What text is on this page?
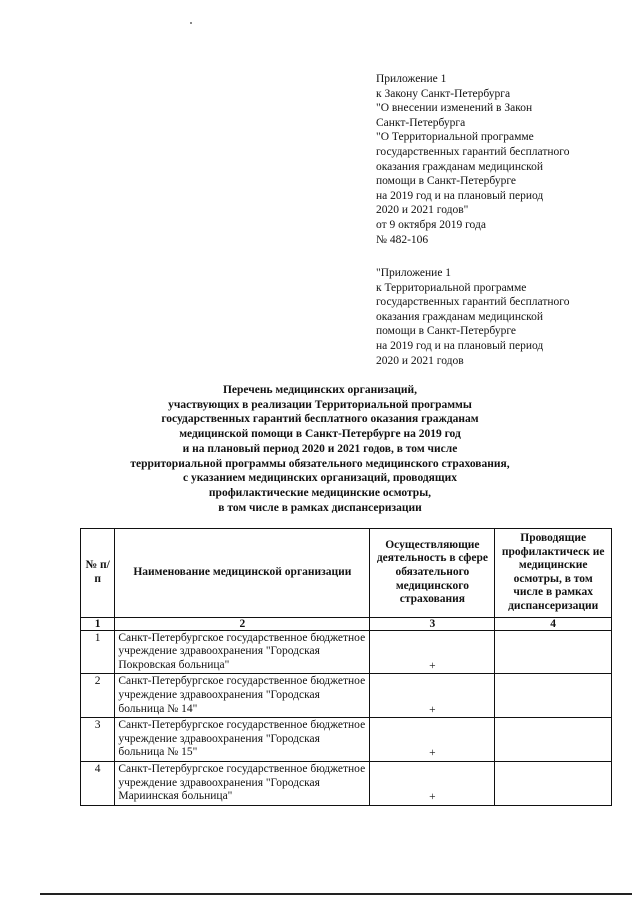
Приложение 1
к Закону Санкт-Петербурга
"О внесении изменений в Закон
Санкт-Петербурга
"О Территориальной программе
государственных гарантий бесплатного
оказания гражданам медицинской
помощи в Санкт-Петербурге
на 2019 год и на плановый период
2020 и 2021 годов"
от 9 октября 2019 года
№ 482-106
"Приложение 1
к Территориальной программе
государственных гарантий бесплатного
оказания гражданам медицинской
помощи в Санкт-Петербурге
на 2019 год и на плановый период
2020 и 2021 годов
Перечень медицинских организаций,
участвующих в реализации Территориальной программы
государственных гарантий бесплатного оказания гражданам
медицинской помощи в Санкт-Петербурге на 2019 год
и на плановый период 2020 и 2021 годов, в том числе
территориальной программы обязательного медицинского страхования,
с указанием медицинских организаций, проводящих
профилактические медицинские осмотры,
в том числе в рамках диспансеризации
№ п/п	Наименование медицинской организации	Осуществляющие деятельность в сфере обязательного медицинского страхования	Проводящие профилактическ ие медицинские осмотры, в том числе в рамках диспансеризации
1	2	3	4
1	Санкт-Петербургское государственное бюджетное учреждение здравоохранения "Городская Покровская больница"	+	
2	Санкт-Петербургское государственное бюджетное учреждение здравоохранения "Городская больница № 14"	+	
3	Санкт-Петербургское государственное бюджетное учреждение здравоохранения "Городская больница № 15"	+	
4	Санкт-Петербургское государственное бюджетное учреждение здравоохранения "Городская Мариинская больница"	+	
